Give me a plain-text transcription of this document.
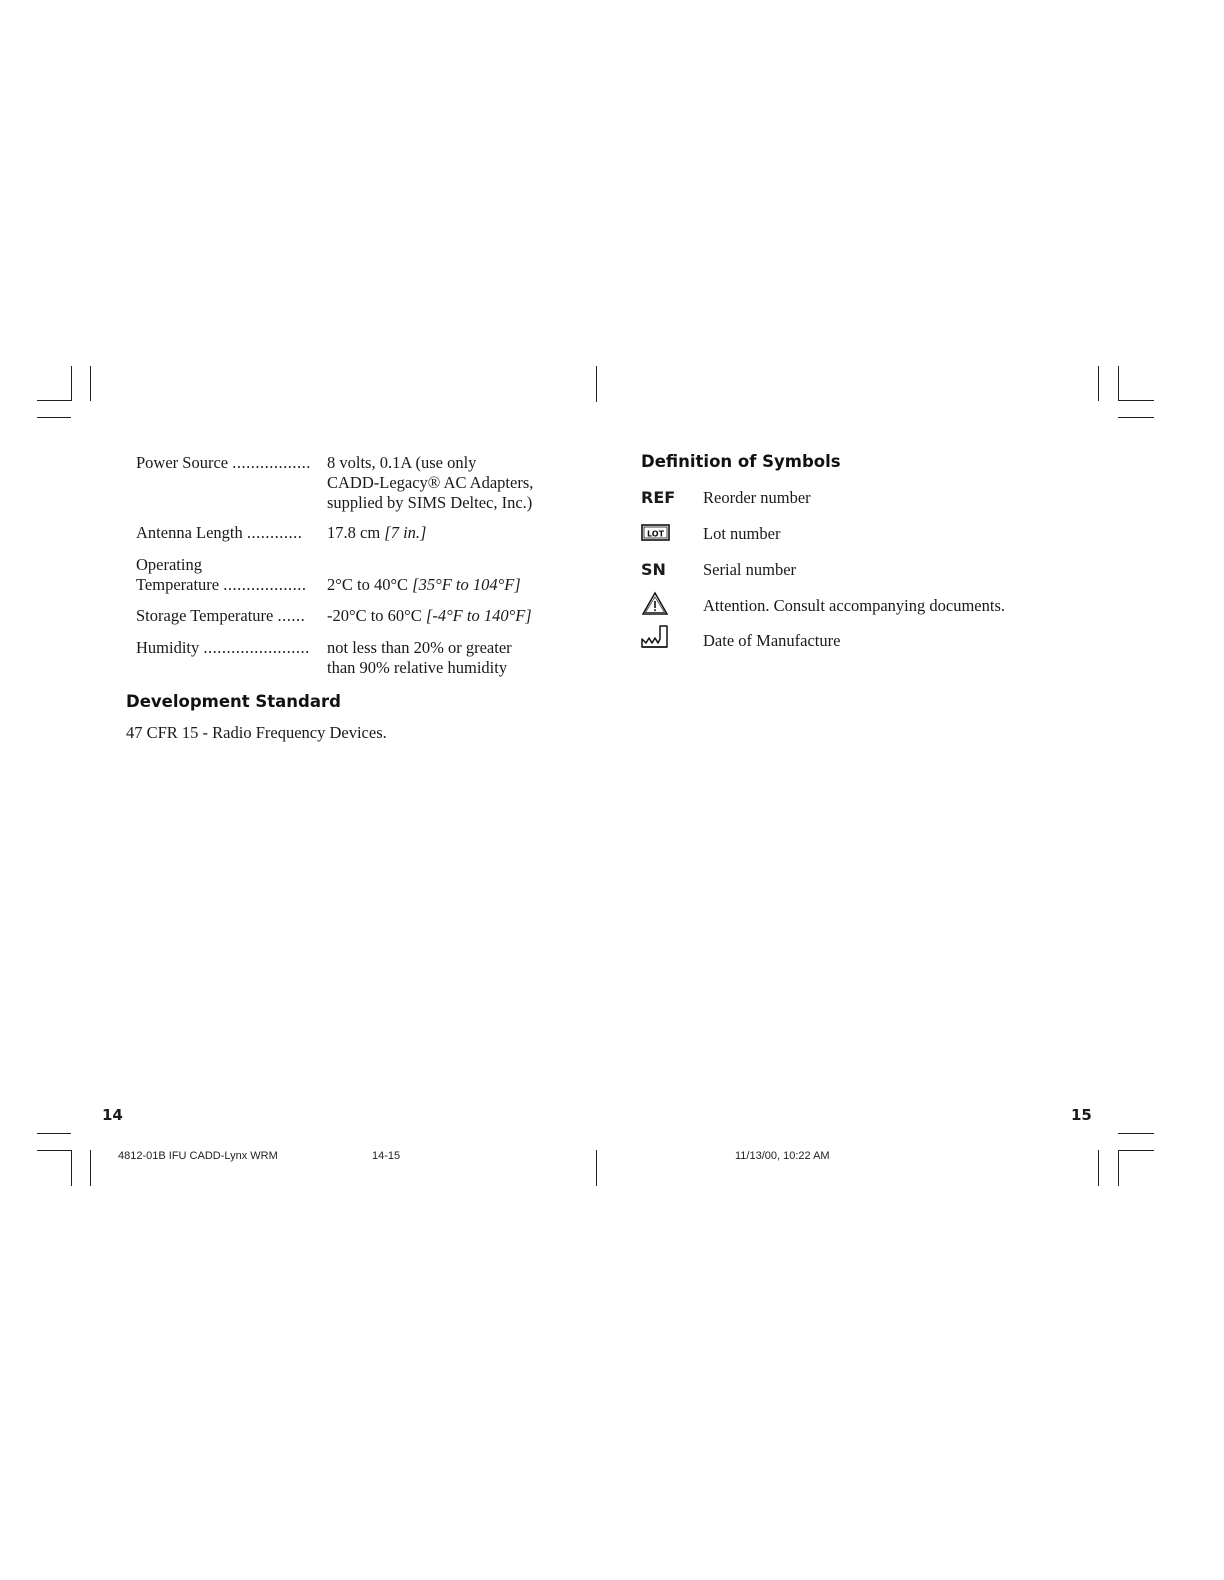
Power Source ................. 8 volts, 0.1A (use only
CADD-Legacy® AC Adapters,
supplied by SIMS Deltec, Inc.)
Antenna Length ............ 17.8 cm [7 in.]
Operating
Temperature .................. 2°C to 40°C [35°F to 104°F]
Storage Temperature ...... -20°C to 60°C [-4°F to 140°F]
Humidity ....................... not less than 20% or greater
than 90% relative humidity
Development Standard
47 CFR 15 - Radio Frequency Devices.
Definition of Symbols
REF	Reorder number
LOT Lot number
SN	Serial number
Attention. Consult accompanying documents.
Date of Manufacture
14	15
4812-01B IFU CADD-Lynx WRM	14-15	11/13/00, 10:22 AM
